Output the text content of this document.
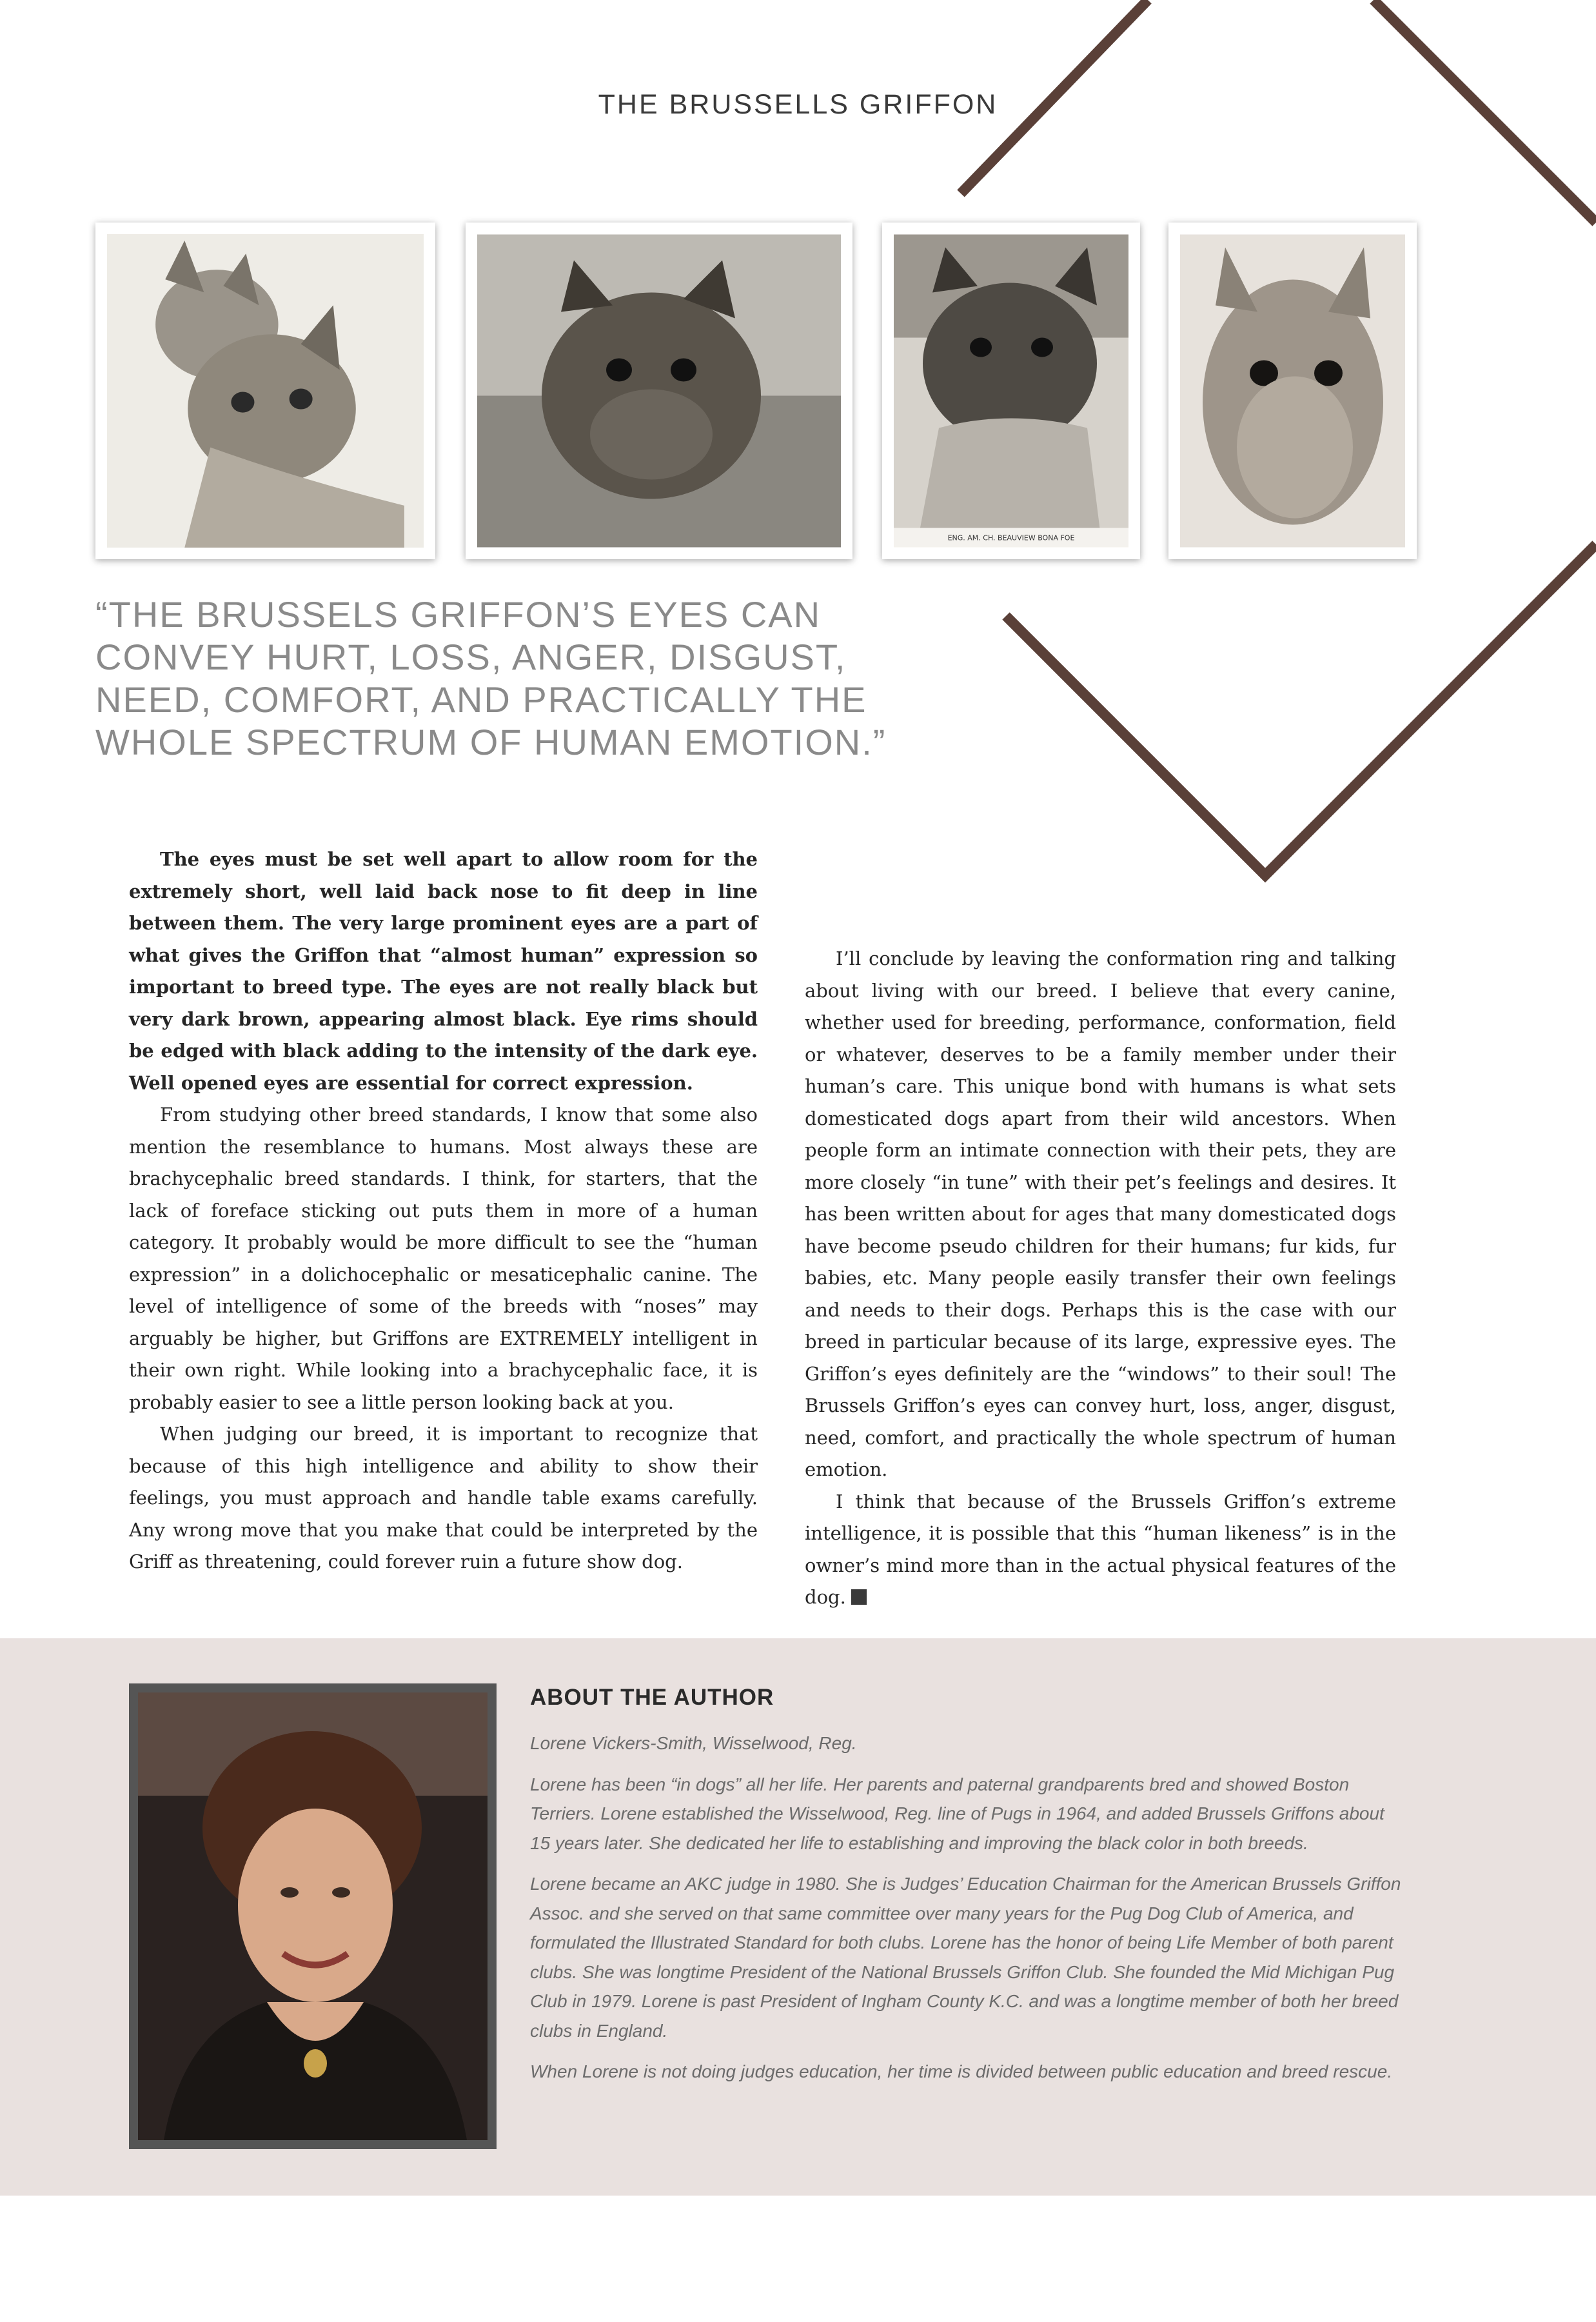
THE BRUSSELLS GRIFFON
ENG. AM. CH. BEAUVIEW BONA FOE
“THE BRUSSELS GRIFFON’S EYES CAN CONVEY HURT, LOSS, ANGER, DISGUST, NEED, COMFORT, AND PRACTICALLY THE WHOLE SPECTRUM OF HUMAN EMOTION.”

The eyes must be set well apart to allow room for the extremely short, well laid back nose to fit deep in line between them. The very large prominent eyes are a part of what gives the Griffon that “almost human” expression so important to breed type. The eyes are not really black but very dark brown, appearing almost black. Eye rims should be edged with black adding to the intensity of the dark eye. Well opened eyes are essential for correct expression.

From studying other breed standards, I know that some also mention the resemblance to humans. Most always these are brachycephalic breed standards. I think, for starters, that the lack of foreface sticking out puts them in more of a human category. It probably would be more difficult to see the “human expression” in a dolichocephalic or mesaticephalic canine. The level of intelligence of some of the breeds with “noses” may arguably be higher, but Griffons are EXTREMELY intelligent in their own right. While looking into a brachycephalic face, it is probably easier to see a little person looking back at you.

When judging our breed, it is important to recognize that because of this high intelligence and ability to show their feelings, you must approach and handle table exams carefully. Any wrong move that you make that could be interpreted by the Griff as threatening, could forever ruin a future show dog.

I’ll conclude by leaving the conformation ring and talking about living with our breed. I believe that every canine, whether used for breeding, performance, conformation, field or whatever, deserves to be a family member under their human’s care. This unique bond with humans is what sets domesticated dogs apart from their wild ancestors. When people form an intimate connection with their pets, they are more closely “in tune” with their pet’s feelings and desires. It has been written about for ages that many domesticated dogs have become pseudo children for their humans; fur kids, fur babies, etc. Many people easily transfer their own feelings and needs to their dogs. Perhaps this is the case with our breed in particular because of its large, expressive eyes. The Griffon’s eyes definitely are the “windows” to their soul! The Brussels Griffon’s eyes can convey hurt, loss, anger, disgust, need, comfort, and practically the whole spectrum of human emotion.

I think that because of the Brussels Griffon’s extreme intelligence, it is possible that this “human likeness” is in the owner’s mind more than in the actual physical features of the dog.

ABOUT THE AUTHOR

Lorene Vickers-Smith, Wisselwood, Reg.

Lorene has been “in dogs” all her life. Her parents and paternal grandparents bred and showed Boston Terriers. Lorene established the Wisselwood, Reg. line of Pugs in 1964, and added Brussels Griffons about 15 years later. She dedicated her life to establishing and improving the black color in both breeds.

Lorene became an AKC judge in 1980. She is Judges’ Education Chairman for the American Brussels Griffon Assoc. and she served on that same committee over many years for the Pug Dog Club of America, and formulated the Illustrated Standard for both clubs. Lorene has the honor of being Life Member of both parent clubs. She was longtime President of the National Brussels Griffon Club. She founded the Mid Michigan Pug Club in 1979. Lorene is past President of Ingham County K.C. and was a longtime member of both her breed clubs in England.

When Lorene is not doing judges education, her time is divided between public education and breed rescue.
